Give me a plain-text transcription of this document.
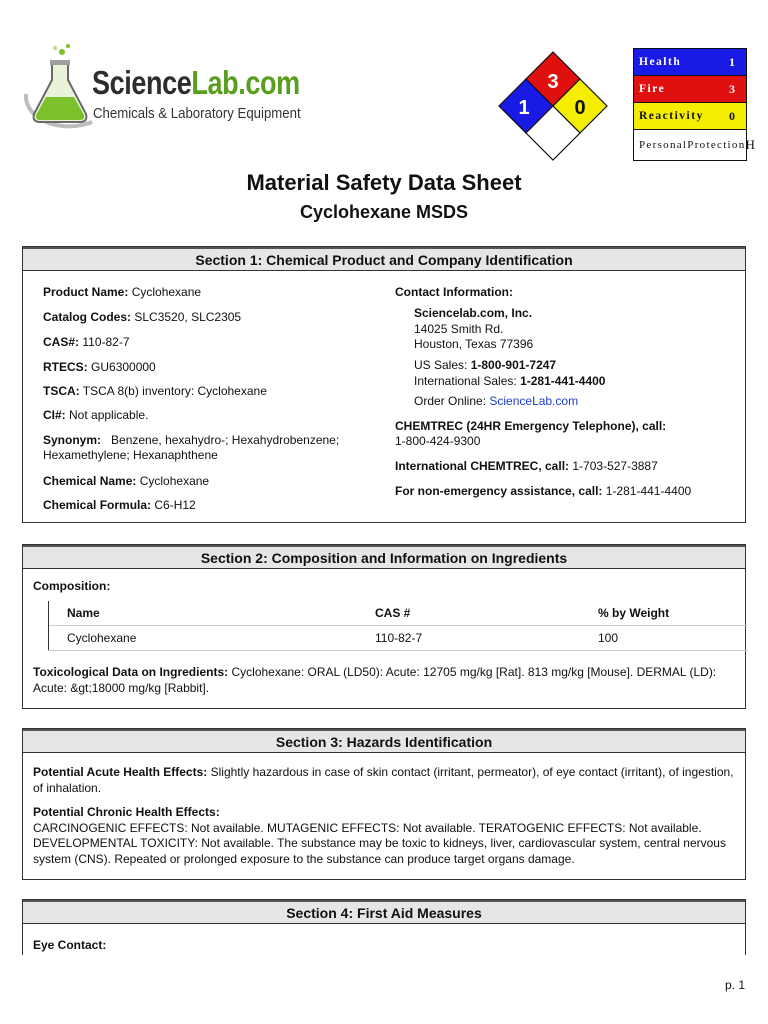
ScienceLab.com
Chemicals & Laboratory Equipment
3
1 0
Health	1
Fire	3
Reactivity	0
Personal Protection H
Material Safety Data Sheet
Cyclohexane MSDS
Section 1: Chemical Product and Company Identification
Product Name: Cyclohexane
Catalog Codes: SLC3520, SLC2305
CAS#: 110-82-7
RTECS: GU6300000
TSCA: TSCA 8(b) inventory: Cyclohexane
CI#: Not applicable.
Synonym: Benzene, hexahydro-; Hexahydrobenzene;
Hexamethylene; Hexanaphthene
Chemical Name: Cyclohexane
Chemical Formula: C6-H12
Contact Information:
Sciencelab.com, Inc.
14025 Smith Rd.
Houston, Texas 77396
US Sales: 1-800-901-7247
International Sales: 1-281-441-4400
Order Online: ScienceLab.com
CHEMTREC (24HR Emergency Telephone), call:
1-800-424-9300
International CHEMTREC, call: 1-703-527-3887
For non-emergency assistance, call: 1-281-441-4400
Section 2: Composition and Information on Ingredients
Composition:
Name	CAS #	% by Weight
Cyclohexane	110-82-7	100
Toxicological Data on Ingredients: Cyclohexane: ORAL (LD50): Acute: 12705 mg/kg [Rat]. 813 mg/kg [Mouse]. DERMAL (LD): Acute: &gt;18000 mg/kg [Rabbit].
Section 3: Hazards Identification
Potential Acute Health Effects: Slightly hazardous in case of skin contact (irritant, permeator), of eye contact (irritant), of ingestion, of inhalation.
Potential Chronic Health Effects:
CARCINOGENIC EFFECTS: Not available. MUTAGENIC EFFECTS: Not available. TERATOGENIC EFFECTS: Not available. DEVELOPMENTAL TOXICITY: Not available. The substance may be toxic to kidneys, liver, cardiovascular system, central nervous system (CNS). Repeated or prolonged exposure to the substance can produce target organs damage.
Section 4: First Aid Measures
Eye Contact:
p. 1
